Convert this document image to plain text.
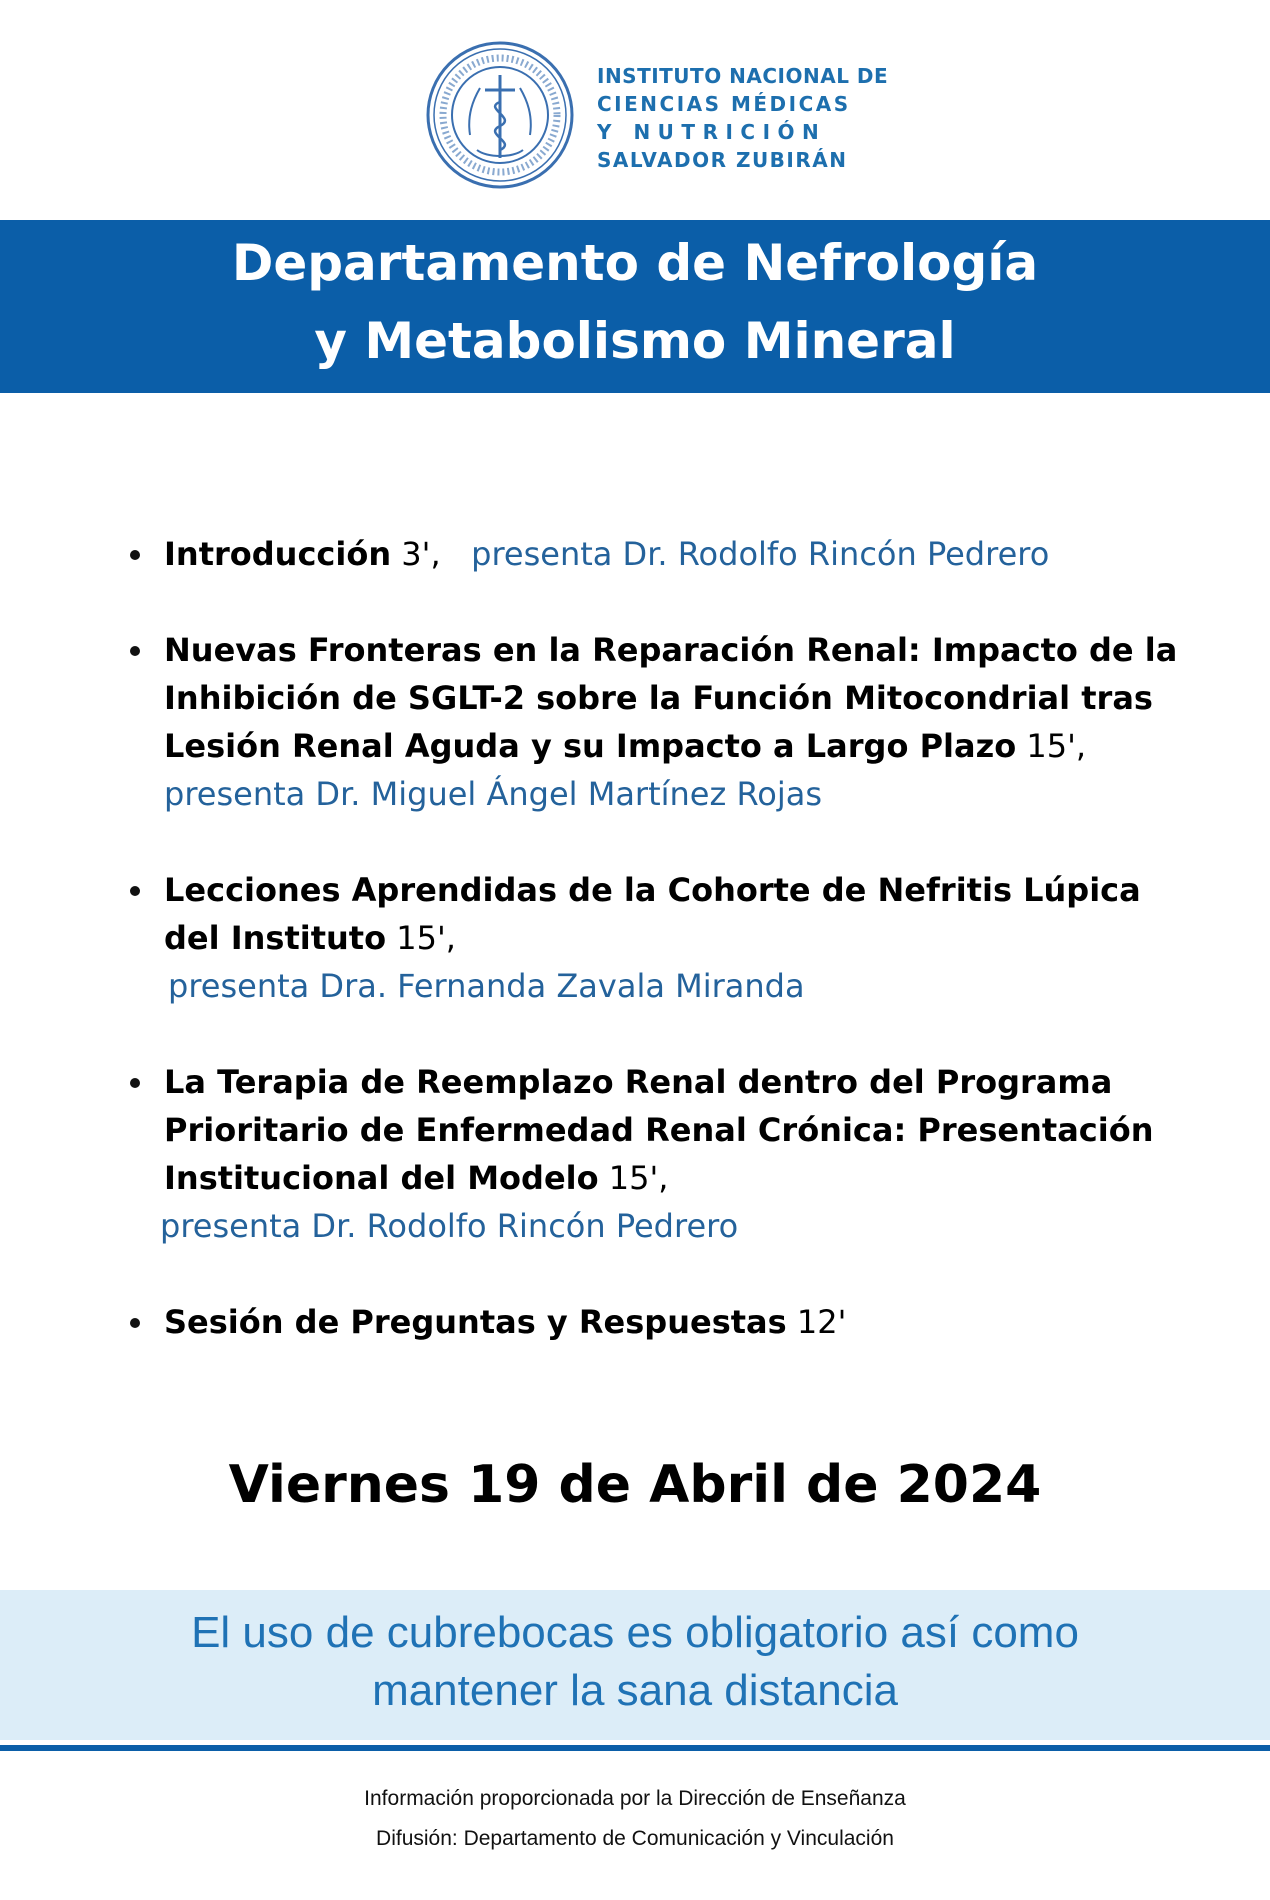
INSTITUTO NACIONAL DE
CIENCIAS MÉDICAS
Y NUTRICIÓN
SALVADOR ZUBIRÁN
Departamento de Nefrología
y Metabolismo Mineral
Introducción 3', presenta Dr. Rodolfo Rincón Pedrero
Nuevas Fronteras en la Reparación Renal: Impacto de la Inhibición de SGLT-2 sobre la Función Mitocondrial tras Lesión Renal Aguda y su Impacto a Largo Plazo 15',
presenta Dr. Miguel Ángel Martínez Rojas
Lecciones Aprendidas de la Cohorte de Nefritis Lúpica del Instituto 15',
presenta Dra. Fernanda Zavala Miranda
La Terapia de Reemplazo Renal dentro del Programa Prioritario de Enfermedad Renal Crónica: Presentación Institucional del Modelo 15',
presenta Dr. Rodolfo Rincón Pedrero
Sesión de Preguntas y Respuestas 12'
Viernes 19 de Abril de 2024
El uso de cubrebocas es obligatorio así como
mantener la sana distancia
Información proporcionada por la Dirección de Enseñanza
Difusión: Departamento de Comunicación y Vinculación
